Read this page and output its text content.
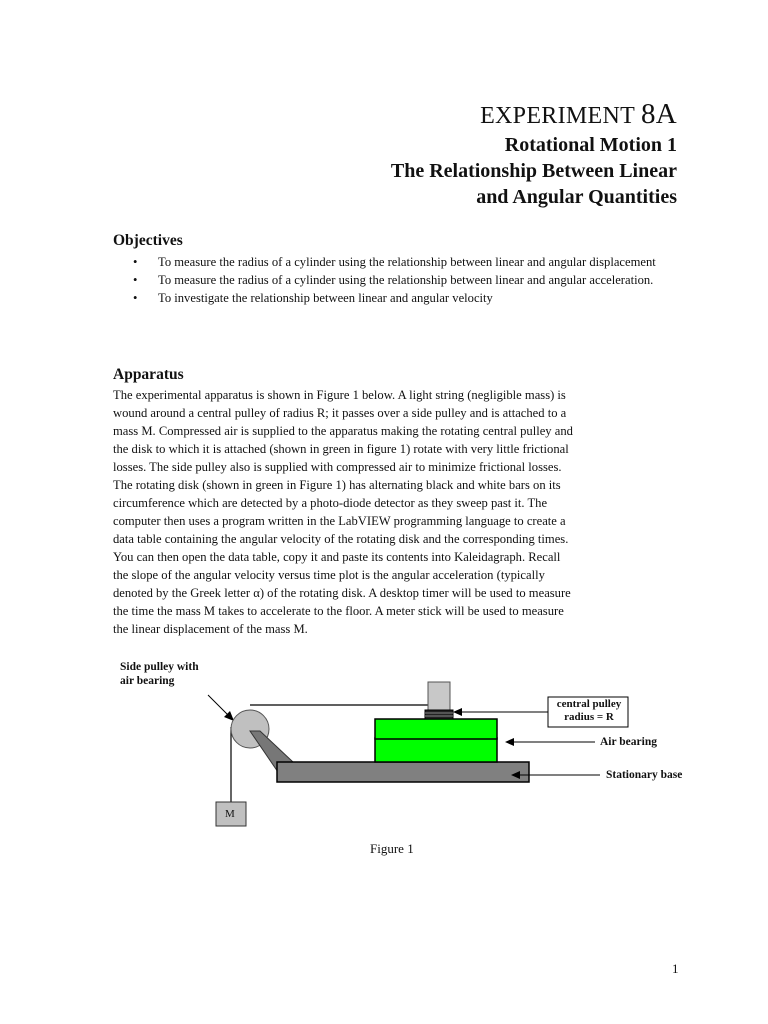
EXPERIMENT 8A
Rotational Motion 1
The Relationship Between Linear
and Angular Quantities
Objectives
• To measure the radius of a cylinder using the relationship between linear and angular displacement
• To measure the radius of a cylinder using the relationship between linear and angular acceleration.
• To investigate the relationship between linear and angular velocity
Apparatus

The experimental apparatus is shown in Figure 1 below. A light string (negligible mass) is
wound around a central pulley of radius R; it passes over a side pulley and is attached to a
mass M. Compressed air is supplied to the apparatus making the rotating central pulley and
the disk to which it is attached (shown in green in figure 1) rotate with very little frictional
losses. The side pulley also is supplied with compressed air to minimize frictional losses.
The rotating disk (shown in green in Figure 1) has alternating black and white bars on its
circumference which are detected by a photo-diode detector as they sweep past it. The
computer then uses a program written in the LabVIEW programming language to create a
data table containing the angular velocity of the rotating disk and the corresponding times.
You can then open the data table, copy it and paste its contents into Kaleidagraph. Recall
the slope of the angular velocity versus time plot is the angular acceleration (typically
denoted by the Greek letter α) of the rotating disk. A desktop timer will be used to measure
the time the mass M takes to accelerate to the floor. A meter stick will be used to measure
the linear displacement of the mass M.

Side pulley with
air bearing
central pulley
radius = R
Air bearing
Stationary base
M
Figure 1
1
